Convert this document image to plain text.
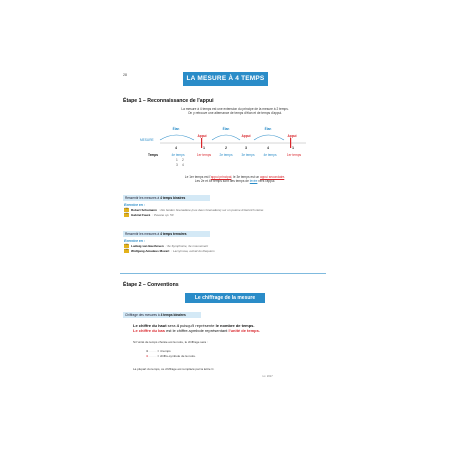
28	LA MESURE À 4 TEMPS
Étape 1 – Reconnaissance de l'appui
La mesure à 4 temps est une extension du principe de la mesure à 2 temps.
On y retrouve une alternance de temps d'élan et de temps d'appui.
Élan	Élan	Élan
Appui	Appui	Appui
MESURE
4	1	2	3	4	1
Temps	4e temps	1er temps	2e temps	3e temps	4e temps	1er temps
1 2
3 4
Le 1er temps est l'appui principal, le 3e temps est un appui secondaire.
Les 2e et 4e temps sont des temps de levée vers l'appui.
Ressentir les mesures à 4 temps binaires
Exercice en :
CD1 Robert Schumann : Die beiden Grenadiere (Les deux Grenadiers) sur un poème d'Heinrich Heine
CD1 Gabriel Fauré : Pavane op. 50
Ressentir les mesures à 4 temps ternaires
Exercice en :
CD1 Ludwig van Beethoven : 6e Symphonie, 3e mouvement
CD1 Wolfgang Amadeus Mozart : Lacrymosa, extrait du Requiem
Étape 2 – Conventions
Le chiffrage de la mesure
Chiffrage des mesures à 4 temps binaires
Le chiffre du haut sera 4 puisqu'il représente le nombre de temps.
Le chiffre du bas est le chiffre-symbole représentant l'unité de temps.
Si l'unité de temps choisie est la noire, le chiffrage sera :
4 ········ = 4 temps
4 ········ = chiffre-symbole de la noire.
La plupart du temps, ce chiffrage est remplacé par la lettre C.
n.c. 2017
